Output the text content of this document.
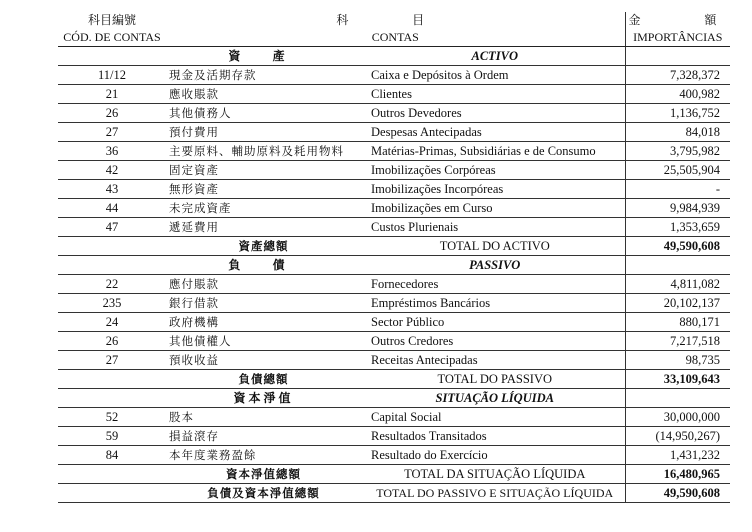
科目編號	科 目			金 額
CÓD. DE CONTAS	CONTAS			IMPORTÂNCIAS
	資 產		ACTIVO	
11/12	現金及活期存款		Caixa e Depósitos à Ordem	7,328,372
21	應收賬款		Clientes	400,982
26	其他債務人		Outros Devedores	1,136,752
27	預付費用		Despesas Antecipadas	84,018
36	主要原料、輔助原料及耗用物料		Matérias-Primas, Subsidiárias e de Consumo	3,795,982
42	固定資產		Imobilizações Corpóreas	25,505,904
43	無形資產		Imobilizações Incorpóreas	-
44	未完成資產		Imobilizações em Curso	9,984,939
47	遞延費用		Custos Plurienais	1,353,659
	資產總額		TOTAL DO ACTIVO	49,590,608
	負 債		PASSIVO	
22	應付賬款		Fornecedores	4,811,082
235	銀行借款		Empréstimos Bancários	20,102,137
24	政府機構		Sector Público	880,171
26	其他債權人		Outros Credores	7,217,518
27	預收收益		Receitas Antecipadas	98,735
	負債總額		TOTAL DO PASSIVO	33,109,643
	資本淨值		SITUAÇÃO LÍQUIDA	
52	股本		Capital Social	30,000,000
59	損益滾存		Resultados Transitados	(14,950,267)
84	本年度業務盈餘		Resultado do Exercício	1,431,232
	資本淨值總額		TOTAL DA SITUAÇÃO LÍQUIDA	16,480,965
	負債及資本淨值總額		TOTAL DO PASSIVO E SITUAÇÃO LÍQUIDA	49,590,608
